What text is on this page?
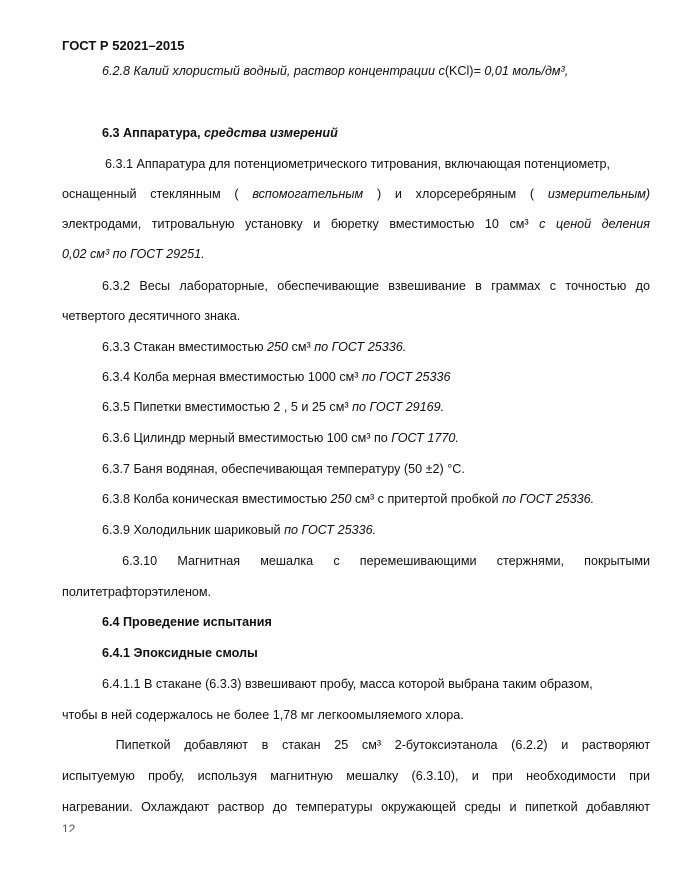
ГОСТ Р 52021–2015
6.2.8 Калий хлористый водный, раствор концентрации с(KCl)= 0,01 моль/дм³,
6.3 Аппаратура, средства измерений
6.3.1 Аппаратура для потенциометрического титрования, включающая потенциометр,
оснащенный стеклянным ( вспомогательным ) и хлорсеребряным ( измерительным)
электродами, титровальную установку и бюретку вместимостью 10 см³ с ценой деления
0,02 см³ по ГОСТ 29251.
6.3.2 Весы лабораторные, обеспечивающие взвешивание в граммах с точностью до
четвертого десятичного знака.
6.3.3 Стакан вместимостью 250 см³ по ГОСТ 25336.
6.3.4 Колба мерная вместимостью 1000 см³ по ГОСТ 25336
6.3.5 Пипетки вместимостью 2 , 5 и 25 см³ по ГОСТ 29169.
6.3.6 Цилиндр мерный вместимостью 100 см³ по ГОСТ 1770.
6.3.7 Баня водяная, обеспечивающая температуру (50 ±2) °С.
6.3.8 Колба коническая вместимостью 250 см³ с притертой пробкой по ГОСТ 25336.
6.3.9 Холодильник шариковый по ГОСТ 25336.
6.3.10 Магнитная мешалка с перемешивающими стержнями, покрытыми
политетрафторэтиленом.
6.4 Проведение испытания
6.4.1 Эпоксидные смолы
6.4.1.1 В стакане (6.3.3) взвешивают пробу, масса которой выбрана таким образом,
чтобы в ней содержалось не более 1,78 мг легкоомыляемого хлора.
Пипеткой добавляют в стакан 25 см³ 2-бутоксиэтанола (6.2.2) и растворяют
испытуемую пробу, используя магнитную мешалку (6.3.10), и при необходимости при
нагревании. Охлаждают раствор до температуры окружающей среды и пипеткой добавляют
12
